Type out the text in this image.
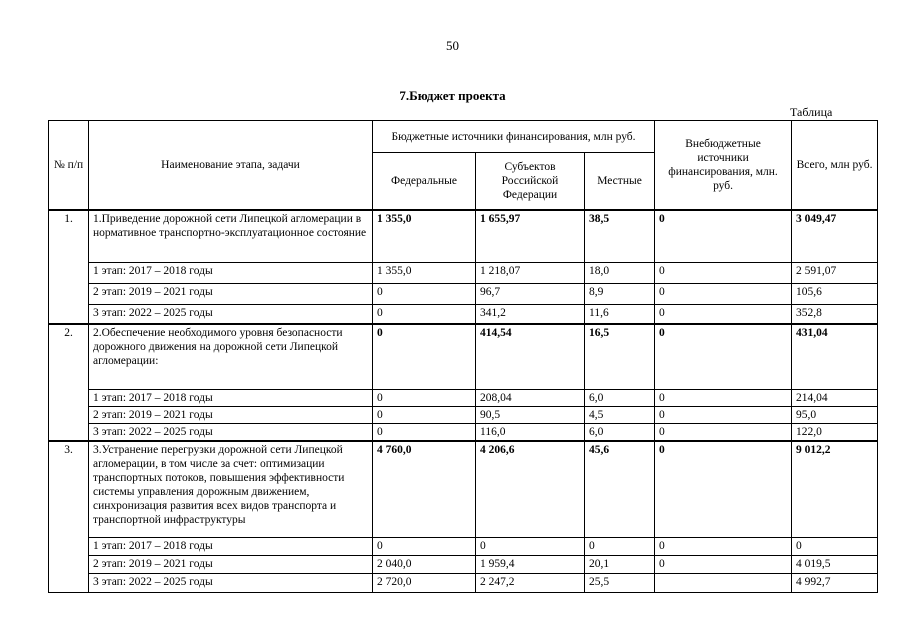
50
7.Бюджет проекта
Таблица
№ п/п	Наименование этапа, задачи	Бюджетные источники финансирования, млн руб.			Внебюджетные источники финансирования, млн. руб.	Всего, млн руб.
		Федеральные	Субъектов Российской Федерации	Местные		
1.	1.Приведение дорожной сети Липецкой агломерации в нормативное транспортно-эксплуатационное состояние	1 355,0	1 655,97	38,5	0	3 049,47
	1 этап: 2017 – 2018 годы	1 355,0	1 218,07	18,0	0	2 591,07
	2 этап: 2019 – 2021 годы	0	96,7	8,9	0	105,6
	3 этап: 2022 – 2025 годы	0	341,2	11,6	0	352,8
2.	2.Обеспечение необходимого уровня безопасности дорожного движения на дорожной сети Липецкой агломерации:	0	414,54	16,5	0	431,04
	1 этап: 2017 – 2018 годы	0	208,04	6,0	0	214,04
	2 этап: 2019 – 2021 годы	0	90,5	4,5	0	95,0
	3 этап: 2022 – 2025 годы	0	116,0	6,0	0	122,0
3.	3.Устранение перегрузки дорожной сети Липецкой агломерации, в том числе за счет: оптимизации транспортных потоков, повышения эффективности системы управления дорожным движением, синхронизация развития всех видов транспорта и транспортной инфраструктуры	4 760,0	4 206,6	45,6	0	9 012,2
	1 этап: 2017 – 2018 годы	0	0	0	0	0
	2 этап: 2019 – 2021 годы	2 040,0	1 959,4	20,1	0	4 019,5
	3 этап: 2022 – 2025 годы	2 720,0	2 247,2	25,5		4 992,7
